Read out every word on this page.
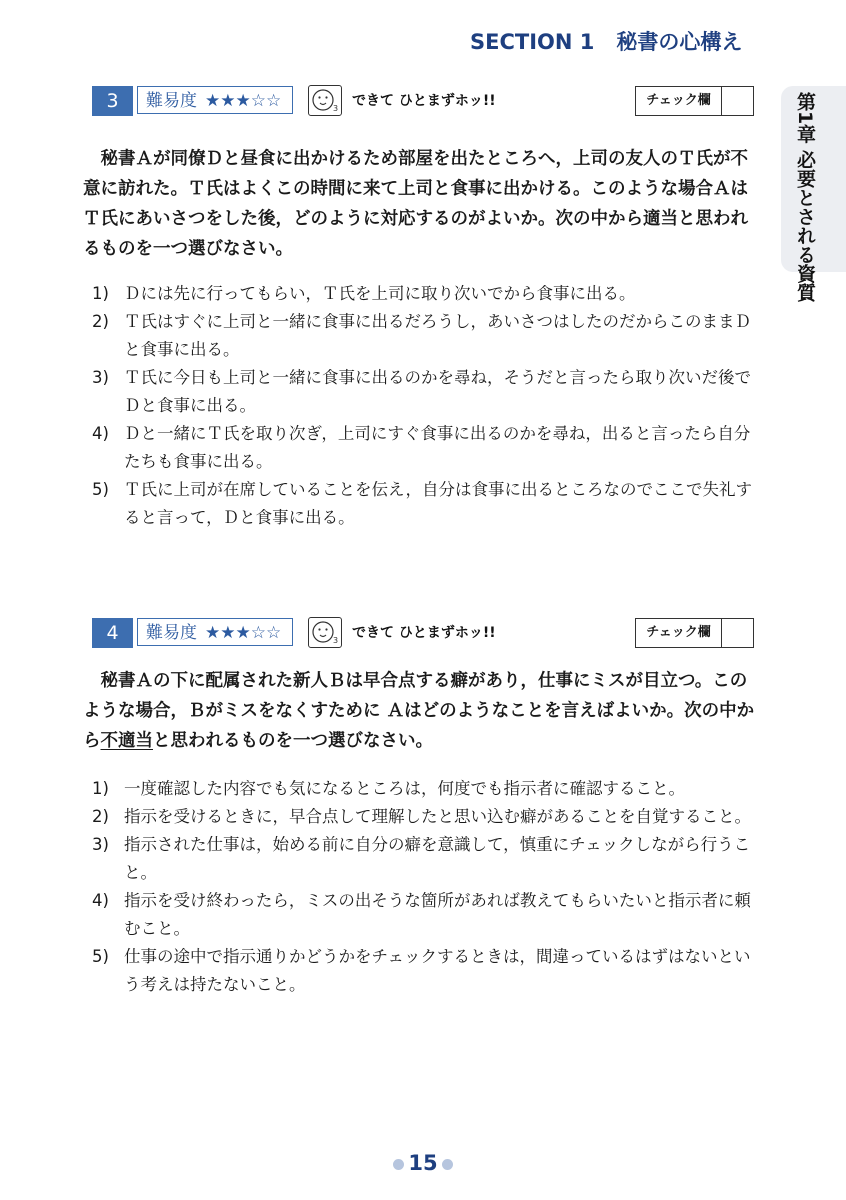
SECTION 1 秘書の心構え
第1章 必要とされる資質
3	難易度 ★★★☆☆	3 できて ひとまずホッ!!	チェック欄
秘書Ａが同僚Ｄと昼食に出かけるため部屋を出たところへ，上司の友人のＴ氏が不意に訪れた。Ｔ氏はよくこの時間に来て上司と食事に出かける。このような場合ＡはＴ氏にあいさつをした後，どのように対応するのがよいか。次の中から適当と思われるものを一つ選びなさい。
1) Ｄには先に行ってもらい，Ｔ氏を上司に取り次いでから食事に出る。
2) Ｔ氏はすぐに上司と一緒に食事に出るだろうし，あいさつはしたのだからこのままＤと食事に出る。
3) Ｔ氏に今日も上司と一緒に食事に出るのかを尋ね，そうだと言ったら取り次いだ後でＤと食事に出る。
4) Ｄと一緒にＴ氏を取り次ぎ，上司にすぐ食事に出るのかを尋ね，出ると言ったら自分たちも食事に出る。
5) Ｔ氏に上司が在席していることを伝え，自分は食事に出るところなのでここで失礼すると言って，Ｄと食事に出る。
4	難易度 ★★★☆☆	3 できて ひとまずホッ!!	チェック欄
秘書Ａの下に配属された新人Ｂは早合点する癖があり，仕事にミスが目立つ。このような場合，Ｂがミスをなくすために Ａはどのようなことを言えばよいか。次の中から不適当と思われるものを一つ選びなさい。
1) 一度確認した内容でも気になるところは，何度でも指示者に確認すること。
2) 指示を受けるときに，早合点して理解したと思い込む癖があることを自覚すること。
3) 指示された仕事は，始める前に自分の癖を意識して，慎重にチェックしながら行うこと。
4) 指示を受け終わったら，ミスの出そうな箇所があれば教えてもらいたいと指示者に頼むこと。
5) 仕事の途中で指示通りかどうかをチェックするときは，間違っているはずはないという考えは持たないこと。
15
